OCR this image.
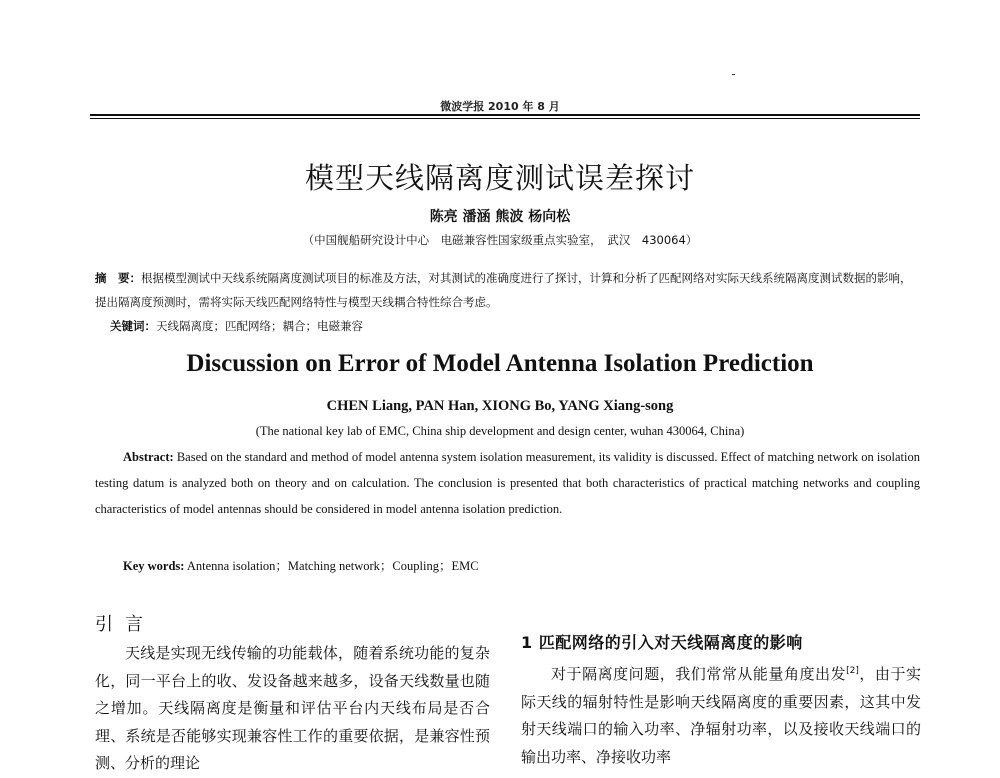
微波学报 2010 年 8 月
模型天线隔离度测试误差探讨
陈亮 潘涵 熊波 杨向松
（中国舰船研究设计中心　电磁兼容性国家级重点实验室，　武汉　430064）
摘　要：根据模型测试中天线系统隔离度测试项目的标准及方法，对其测试的准确度进行了探讨，计算和分析了匹配网络对实际天线系统隔离度测试数据的影响，提出隔离度预测时，需将实际天线匹配网络特性与模型天线耦合特性综合考虑。
关键词：天线隔离度；匹配网络；耦合；电磁兼容
Discussion on Error of Model Antenna Isolation Prediction
CHEN Liang, PAN Han, XIONG Bo, YANG Xiang-song
(The national key lab of EMC, China ship development and design center, wuhan 430064, China)
Abstract: Based on the standard and method of model antenna system isolation measurement, its validity is discussed. Effect of matching network on isolation testing datum is analyzed both on theory and on calculation. The conclusion is presented that both characteristics of practical matching networks and coupling characteristics of model antennas should be considered in model antenna isolation prediction.
Key words: Antenna isolation；Matching network；Coupling；EMC
引言
天线是实现无线传输的功能载体，随着系统功能的复杂化，同一平台上的收、发设备越来越多，设备天线数量也随之增加。天线隔离度是衡量和评估平台内天线布局是否合理、系统是否能够实现兼容性工作的重要依据，是兼容性预测、分析的理论
1 匹配网络的引入对天线隔离度的影响
对于隔离度问题，我们常常从能量角度出发[2]，由于实际天线的辐射特性是影响天线隔离度的重要因素，这其中发射天线端口的输入功率、净辐射功率，以及接收天线端口的输出功率、净接收功率
